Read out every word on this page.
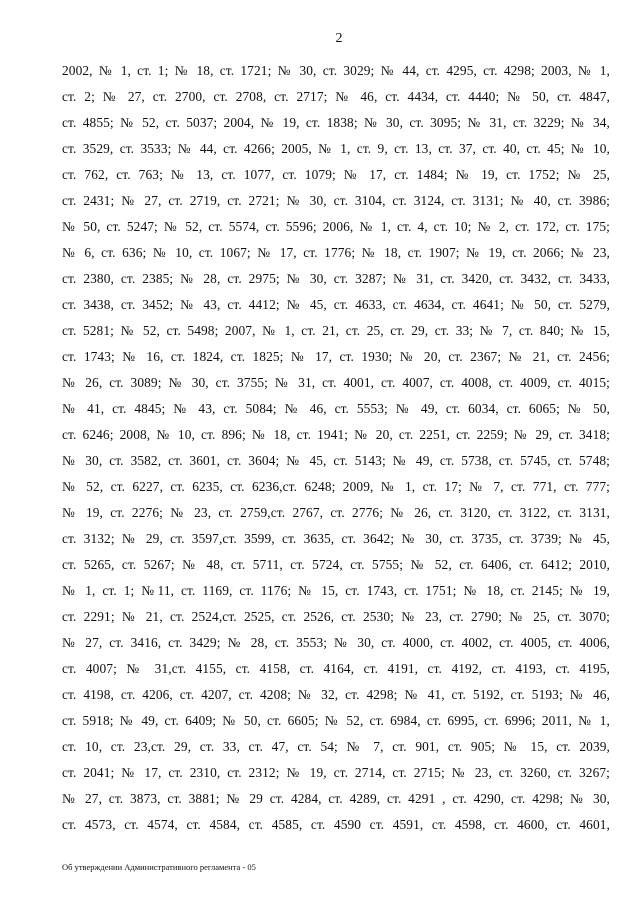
2
2002, № 1, ст. 1; № 18, ст. 1721; № 30, ст. 3029; № 44, ст. 4295, ст. 4298; 2003, № 1,
ст. 2; № 27, ст. 2700, ст. 2708, ст. 2717; № 46, ст. 4434, ст. 4440; № 50, ст. 4847,
ст. 4855; № 52, ст. 5037; 2004, № 19, ст. 1838; № 30, ст. 3095; № 31, ст. 3229; № 34,
ст. 3529, ст. 3533; № 44, ст. 4266; 2005, № 1, ст. 9, ст. 13, ст. 37, ст. 40, ст. 45; № 10,
ст. 762, ст. 763; № 13, ст. 1077, ст. 1079; № 17, ст. 1484; № 19, ст. 1752; № 25,
ст. 2431; № 27, ст. 2719, ст. 2721; № 30, ст. 3104, ст. 3124, ст. 3131; № 40, ст. 3986;
№ 50, ст. 5247; № 52, ст. 5574, ст. 5596; 2006, № 1, ст. 4, ст. 10; № 2, ст. 172, ст. 175;
№ 6, ст. 636; № 10, ст. 1067; № 17, ст. 1776; № 18, ст. 1907; № 19, ст. 2066; № 23,
ст. 2380, ст. 2385; № 28, ст. 2975; № 30, ст. 3287; № 31, ст. 3420, ст. 3432, ст. 3433,
ст. 3438, ст. 3452; № 43, ст. 4412; № 45, ст. 4633, ст. 4634, ст. 4641; № 50, ст. 5279,
ст. 5281; № 52, ст. 5498; 2007, № 1, ст. 21, ст. 25, ст. 29, ст. 33; № 7, ст. 840; № 15,
ст. 1743; № 16, ст. 1824, ст. 1825; № 17, ст. 1930; № 20, ст. 2367; № 21, ст. 2456;
№ 26, ст. 3089; № 30, ст. 3755; № 31, ст. 4001, ст. 4007, ст. 4008, ст. 4009, ст. 4015;
№ 41, ст. 4845; № 43, ст. 5084; № 46, ст. 5553; № 49, ст. 6034, ст. 6065; № 50,
ст. 6246; 2008, № 10, ст. 896; № 18, ст. 1941; № 20, ст. 2251, ст. 2259; № 29, ст. 3418;
№ 30, ст. 3582, ст. 3601, ст. 3604; № 45, ст. 5143; № 49, ст. 5738, ст. 5745, ст. 5748;
№ 52, ст. 6227, ст. 6235, ст. 6236,ст. 6248; 2009, № 1, ст. 17; № 7, ст. 771, ст. 777;
№ 19, ст. 2276; № 23, ст. 2759,ст. 2767, ст. 2776; № 26, ст. 3120, ст. 3122, ст. 3131,
ст. 3132; № 29, ст. 3597,ст. 3599, ст. 3635, ст. 3642; № 30, ст. 3735, ст. 3739; № 45,
ст. 5265, ст. 5267; № 48, ст. 5711, ст. 5724, ст. 5755; № 52, ст. 6406, ст. 6412; 2010,
№ 1, ст. 1; №11, ст. 1169, ст. 1176; № 15, ст. 1743, ст. 1751; № 18, ст. 2145; № 19,
ст. 2291; № 21, ст. 2524,ст. 2525, ст. 2526, ст. 2530; № 23, ст. 2790; № 25, ст. 3070;
№ 27, ст. 3416, ст. 3429; № 28, ст. 3553; № 30, ст. 4000, ст. 4002, ст. 4005, ст. 4006,
ст. 4007; № 31,ст. 4155, ст. 4158, ст. 4164, ст. 4191, ст. 4192, ст. 4193, ст. 4195,
ст. 4198, ст. 4206, ст. 4207, ст. 4208; № 32, ст. 4298; № 41, ст. 5192, ст. 5193; № 46,
ст. 5918; № 49, ст. 6409; № 50, ст. 6605; № 52, ст. 6984, ст. 6995, ст. 6996; 2011, № 1,
ст. 10, ст. 23,ст. 29, ст. 33, ст. 47, ст. 54; № 7, ст. 901, ст. 905; № 15, ст. 2039,
ст. 2041; № 17, ст. 2310, ст. 2312; № 19, ст. 2714, ст. 2715; № 23, ст. 3260, ст. 3267;
№ 27, ст. 3873, ст. 3881; № 29 ст. 4284, ст. 4289, ст. 4291 , ст. 4290, ст. 4298; № 30,
ст. 4573, ст. 4574, ст. 4584, ст. 4585, ст. 4590 ст. 4591, ст. 4598, ст. 4600, ст. 4601,
Об утверждении Административного регламента - 05
